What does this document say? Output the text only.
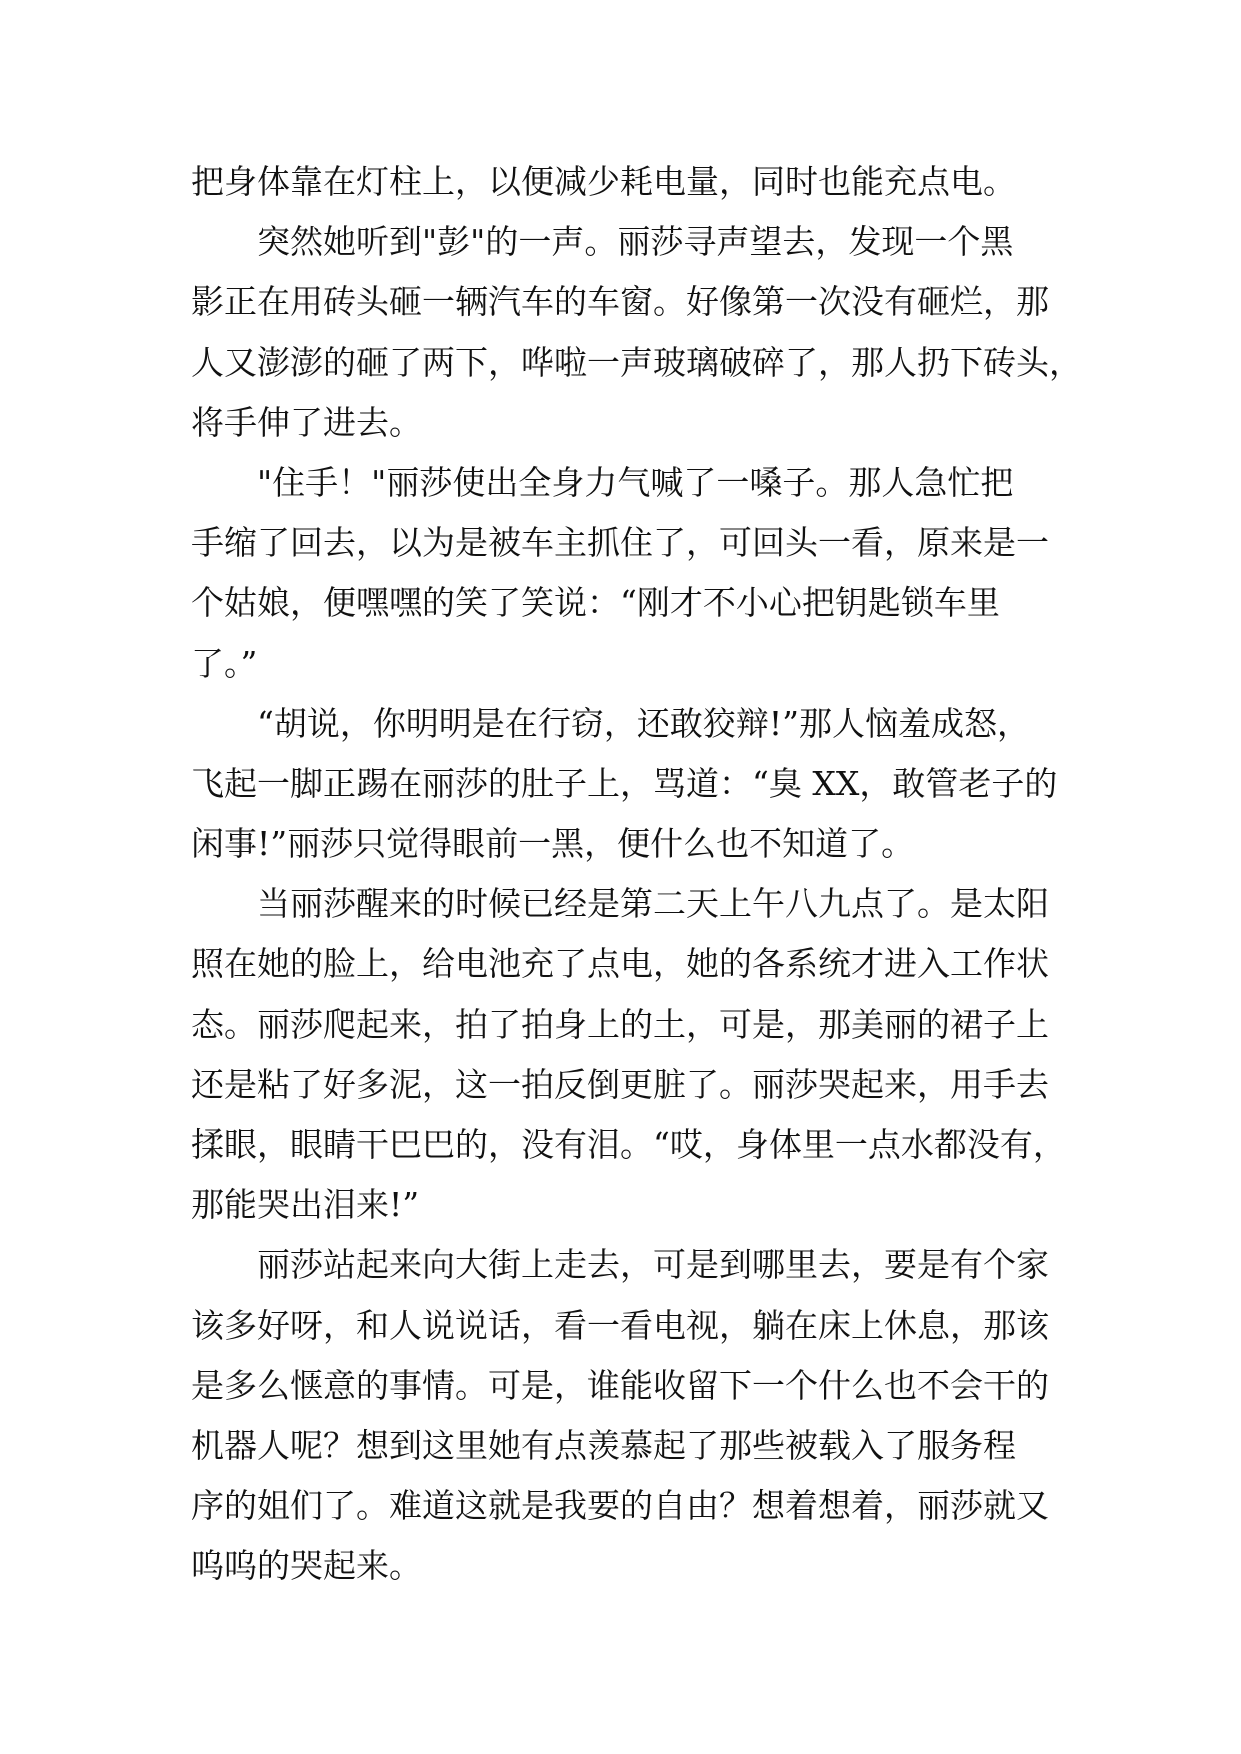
把身体靠在灯柱上，以便减少耗电量，同时也能充点电。
突然她听到"彭"的一声。丽莎寻声望去，发现一个黑
影正在用砖头砸一辆汽车的车窗。好像第一次没有砸烂，那
人又澎澎的砸了两下，哗啦一声玻璃破碎了，那人扔下砖头，
将手伸了进去。
"住手！"丽莎使出全身力气喊了一嗓子。那人急忙把
手缩了回去，以为是被车主抓住了，可回头一看，原来是一
个姑娘，便嘿嘿的笑了笑说：“刚才不小心把钥匙锁车里
了。”
“胡说，你明明是在行窃，还敢狡辩!”那人恼羞成怒，
飞起一脚正踢在丽莎的肚子上，骂道：“臭 XX，敢管老子的
闲事!”丽莎只觉得眼前一黑，便什么也不知道了。
当丽莎醒来的时候已经是第二天上午八九点了。是太阳
照在她的脸上，给电池充了点电，她的各系统才进入工作状
态。丽莎爬起来，拍了拍身上的土，可是，那美丽的裙子上
还是粘了好多泥，这一拍反倒更脏了。丽莎哭起来，用手去
揉眼，眼睛干巴巴的，没有泪。“哎，身体里一点水都没有，
那能哭出泪来!”
丽莎站起来向大街上走去，可是到哪里去，要是有个家
该多好呀，和人说说话，看一看电视，躺在床上休息，那该
是多么惬意的事情。可是，谁能收留下一个什么也不会干的
机器人呢？想到这里她有点羡慕起了那些被载入了服务程
序的姐们了。难道这就是我要的自由？想着想着，丽莎就又
呜呜的哭起来。
